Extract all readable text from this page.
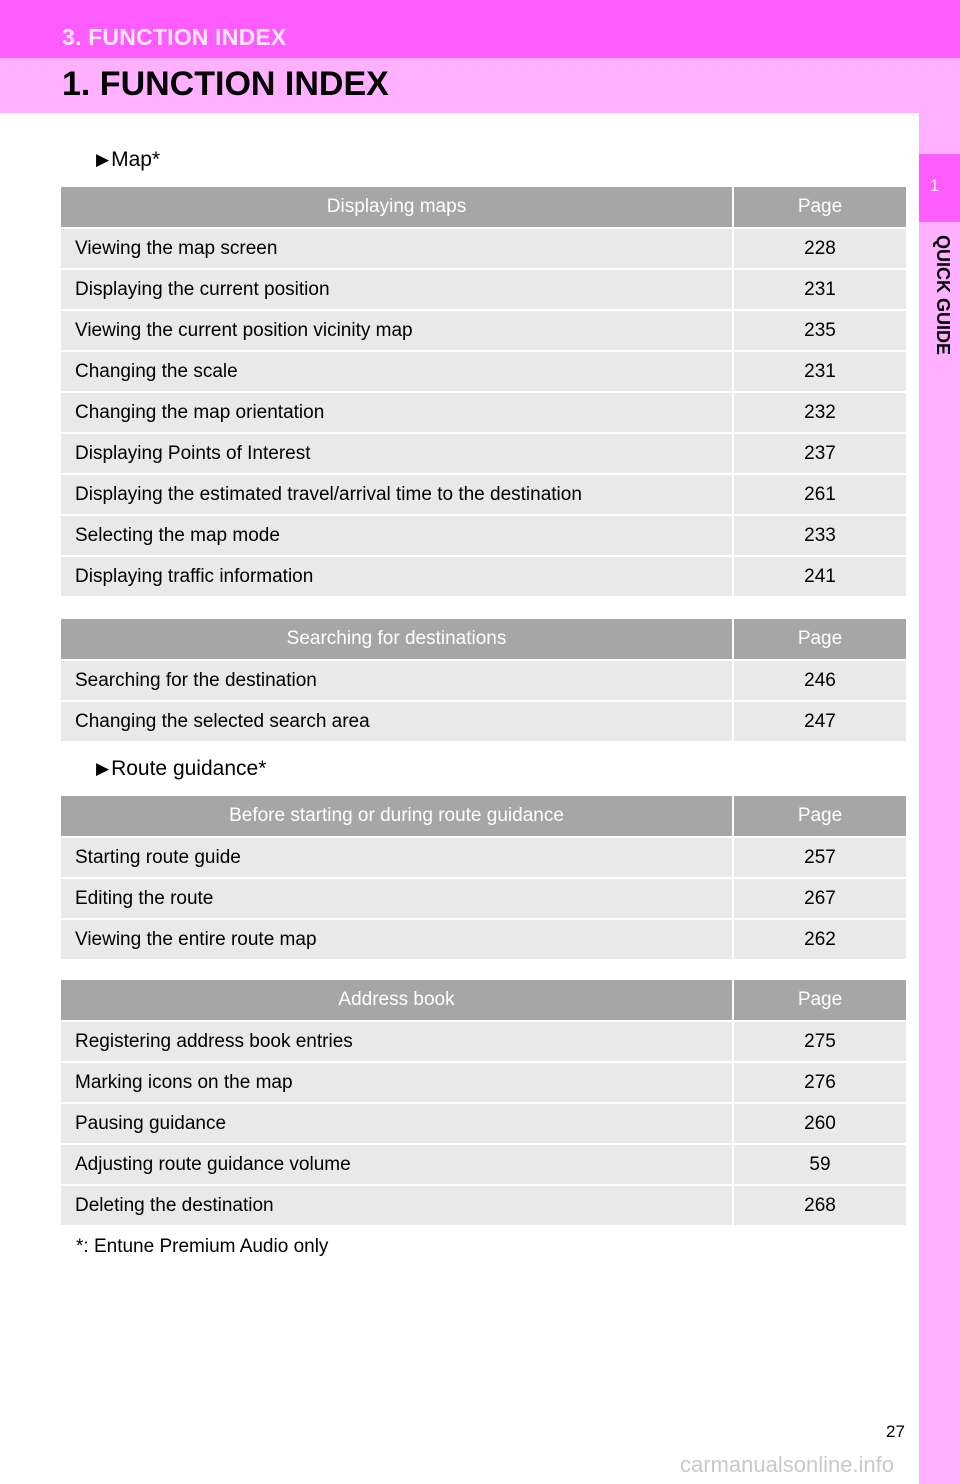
3. FUNCTION INDEX
1. FUNCTION INDEX
1
QUICK GUIDE
▶ Map*
Displaying maps	Page
Viewing the map screen	228
Displaying the current position	231
Viewing the current position vicinity map	235
Changing the scale	231
Changing the map orientation	232
Displaying Points of Interest	237
Displaying the estimated travel/arrival time to the destination	261
Selecting the map mode	233
Displaying traffic information	241
Searching for destinations	Page
Searching for the destination	246
Changing the selected search area	247
▶ Route guidance*
Before starting or during route guidance	Page
Starting route guide	257
Editing the route	267
Viewing the entire route map	262
Address book	Page
Registering address book entries	275
Marking icons on the map	276
Pausing guidance	260
Adjusting route guidance volume	59
Deleting the destination	268
*: Entune Premium Audio only
27
carmanualsonline.info
